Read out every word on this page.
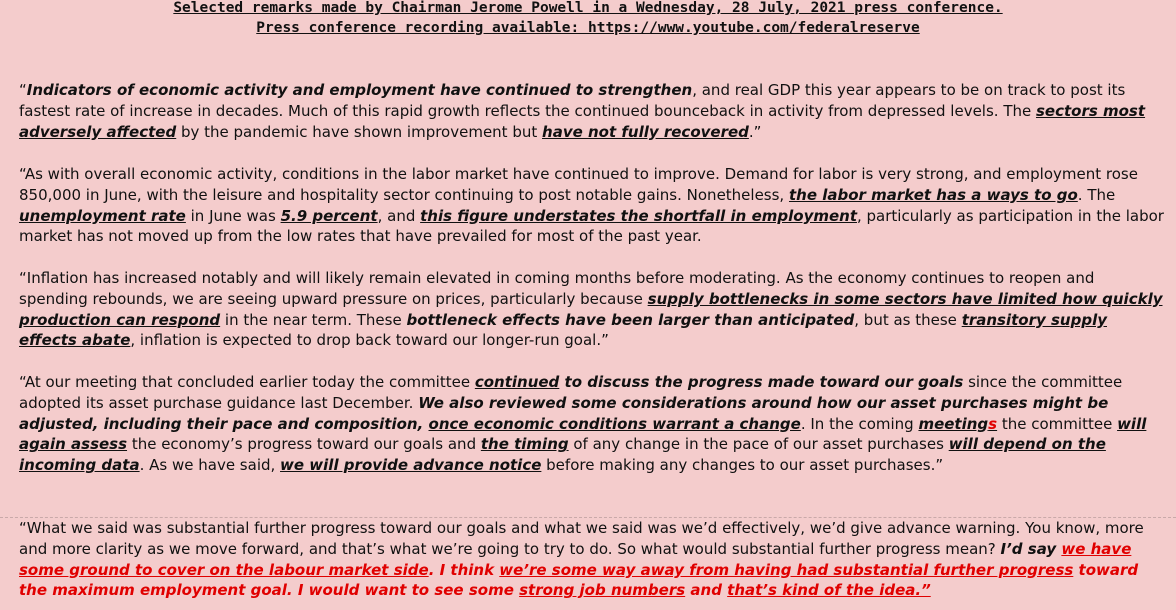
Selected remarks made by Chairman Jerome Powell in a Wednesday, 28 July, 2021 press conference.
Press conference recording available: https://www.youtube.com/federalreserve

“Indicators of economic activity and employment have continued to strengthen, and real GDP this year appears to be on track to post its fastest rate of increase in decades. Much of this rapid growth reflects the continued bounceback in activity from depressed levels. The sectors most adversely affected by the pandemic have shown improvement but have not fully recovered.”

“As with overall economic activity, conditions in the labor market have continued to improve. Demand for labor is very strong, and employment rose 850,000 in June, with the leisure and hospitality sector continuing to post notable gains. Nonetheless, the labor market has a ways to go. The unemployment rate in June was 5.9 percent, and this figure understates the shortfall in employment, particularly as participation in the labor market has not moved up from the low rates that have prevailed for most of the past year.

“Inflation has increased notably and will likely remain elevated in coming months before moderating. As the economy continues to reopen and spending rebounds, we are seeing upward pressure on prices, particularly because supply bottlenecks in some sectors have limited how quickly production can respond in the near term. These bottleneck effects have been larger than anticipated, but as these transitory supply effects abate, inflation is expected to drop back toward our longer-run goal.”

“At our meeting that concluded earlier today the committee continued to discuss the progress made toward our goals since the committee adopted its asset purchase guidance last December. We also reviewed some considerations around how our asset purchases might be adjusted, including their pace and composition, once economic conditions warrant a change. In the coming meetings the committee will again assess the economy’s progress toward our goals and the timing of any change in the pace of our asset purchases will depend on the incoming data. As we have said, we will provide advance notice before making any changes to our asset purchases.”

“What we said was substantial further progress toward our goals and what we said was we’d effectively, we’d give advance warning. You know, more and more clarity as we move forward, and that’s what we’re going to try to do. So what would substantial further progress mean? I’d say we have some ground to cover on the labour market side. I think we’re some way away from having had substantial further progress toward the maximum employment goal. I would want to see some strong job numbers and that’s kind of the idea.”
